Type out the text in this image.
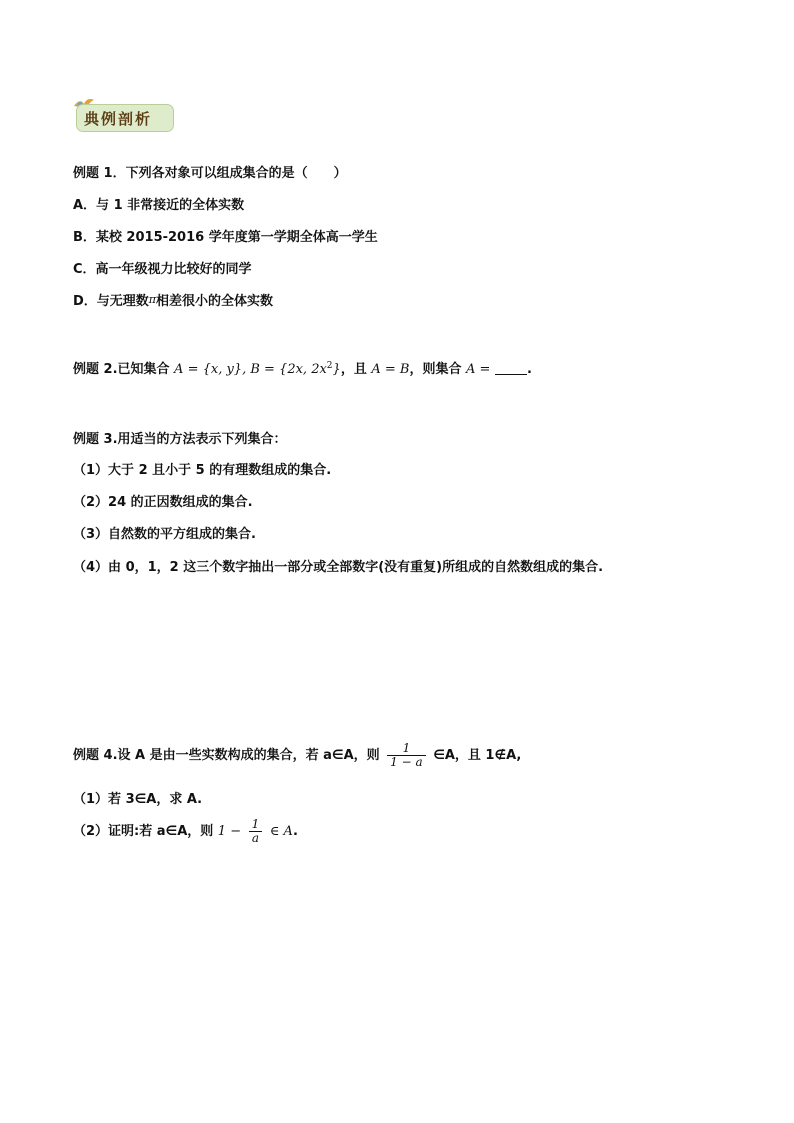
典例剖析
例题 1．下列各对象可以组成集合的是（　　）
A．与 1 非常接近的全体实数
B．某校 2015-2016 学年度第一学期全体高一学生
C．高一年级视力比较好的同学
D．与无理数π相差很小的全体实数
例题 2.已知集合 A = {x, y}, B = {2x, $2x^2$}，且 A = B，则集合 A =	.
例题 3.用适当的方法表示下列集合：
（1）大于 2 且小于 5 的有理数组成的集合.
（2）24 的正因数组成的集合.
（3）自然数的平方组成的集合.
（4）由 0，1，2 这三个数字抽出一部分或全部数字(没有重复)所组成的自然数组成的集合.
例题 4.设 A 是由一些实数构成的集合，若 a∈A，则 $\frac{1}{1 - a}$ ∈A，且 1∉A,
（1）若 3∈A，求 A.
（2）证明:若 a∈A，则 $1 - \frac{1}{a}$ ∈ A.
